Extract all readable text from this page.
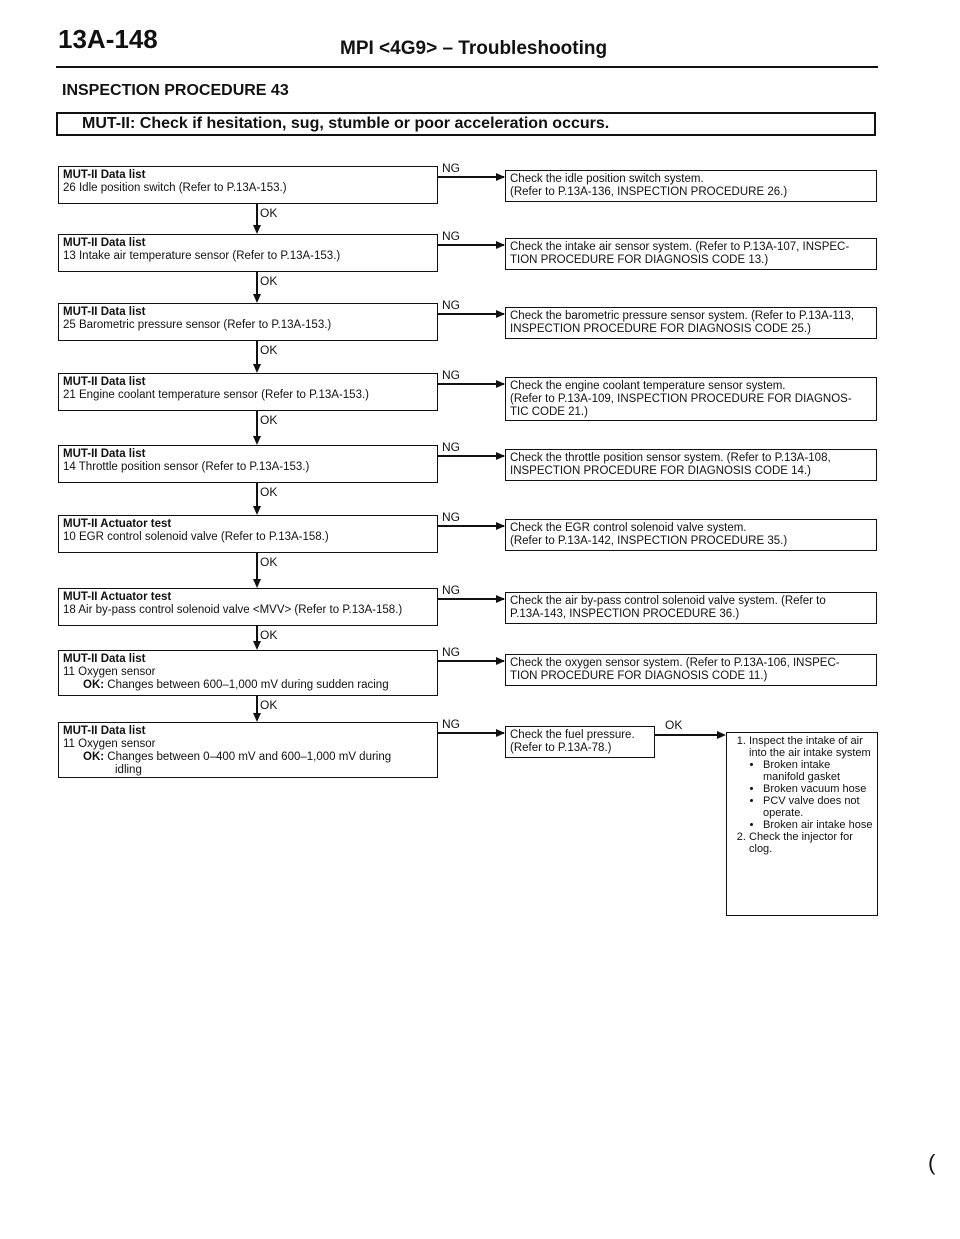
13A-148	MPI <4G9> – Troubleshooting
INSPECTION PROCEDURE 43
MUT-II: Check if hesitation, sug, stumble or poor acceleration occurs.
MUT-II Data list
26 Idle position switch (Refer to P.13A-153.)
NG
Check the idle position switch system.
(Refer to P.13A-136, INSPECTION PROCEDURE 26.)
OK
MUT-II Data list
13 Intake air temperature sensor (Refer to P.13A-153.)
NG
Check the intake air sensor system. (Refer to P.13A-107, INSPEC-
TION PROCEDURE FOR DIAGNOSIS CODE 13.)
OK
MUT-II Data list
25 Barometric pressure sensor (Refer to P.13A-153.)
NG
Check the barometric pressure sensor system. (Refer to P.13A-113,
INSPECTION PROCEDURE FOR DIAGNOSIS CODE 25.)
OK
MUT-II Data list
21 Engine coolant temperature sensor (Refer to P.13A-153.)
NG
Check the engine coolant temperature sensor system.
(Refer to P.13A-109, INSPECTION PROCEDURE FOR DIAGNOS-
TIC CODE 21.)
OK
MUT-II Data list
14 Throttle position sensor (Refer to P.13A-153.)
NG
Check the throttle position sensor system. (Refer to P.13A-108,
INSPECTION PROCEDURE FOR DIAGNOSIS CODE 14.)
OK
MUT-II Actuator test
10 EGR control solenoid valve (Refer to P.13A-158.)
NG
Check the EGR control solenoid valve system.
(Refer to P.13A-142, INSPECTION PROCEDURE 35.)
OK
MUT-II Actuator test
18 Air by-pass control solenoid valve <MVV> (Refer to P.13A-158.)
NG
Check the air by-pass control solenoid valve system. (Refer to
P.13A-143, INSPECTION PROCEDURE 36.)
OK
MUT-II Data list
11 Oxygen sensor
OK: Changes between 600–1,000 mV during sudden racing
NG
Check the oxygen sensor system. (Refer to P.13A-106, INSPEC-
TION PROCEDURE FOR DIAGNOSIS CODE 11.)
OK
MUT-II Data list
11 Oxygen sensor
OK: Changes between 0–400 mV and 600–1,000 mV during
idling
NG
Check the fuel pressure.
(Refer to P.13A-78.)
OK
1. Inspect the intake of air into the air intake system
• Broken intake manifold gasket
• Broken vacuum hose
• PCV valve does not operate.
• Broken air intake hose
2. Check the injector for clog.
(
